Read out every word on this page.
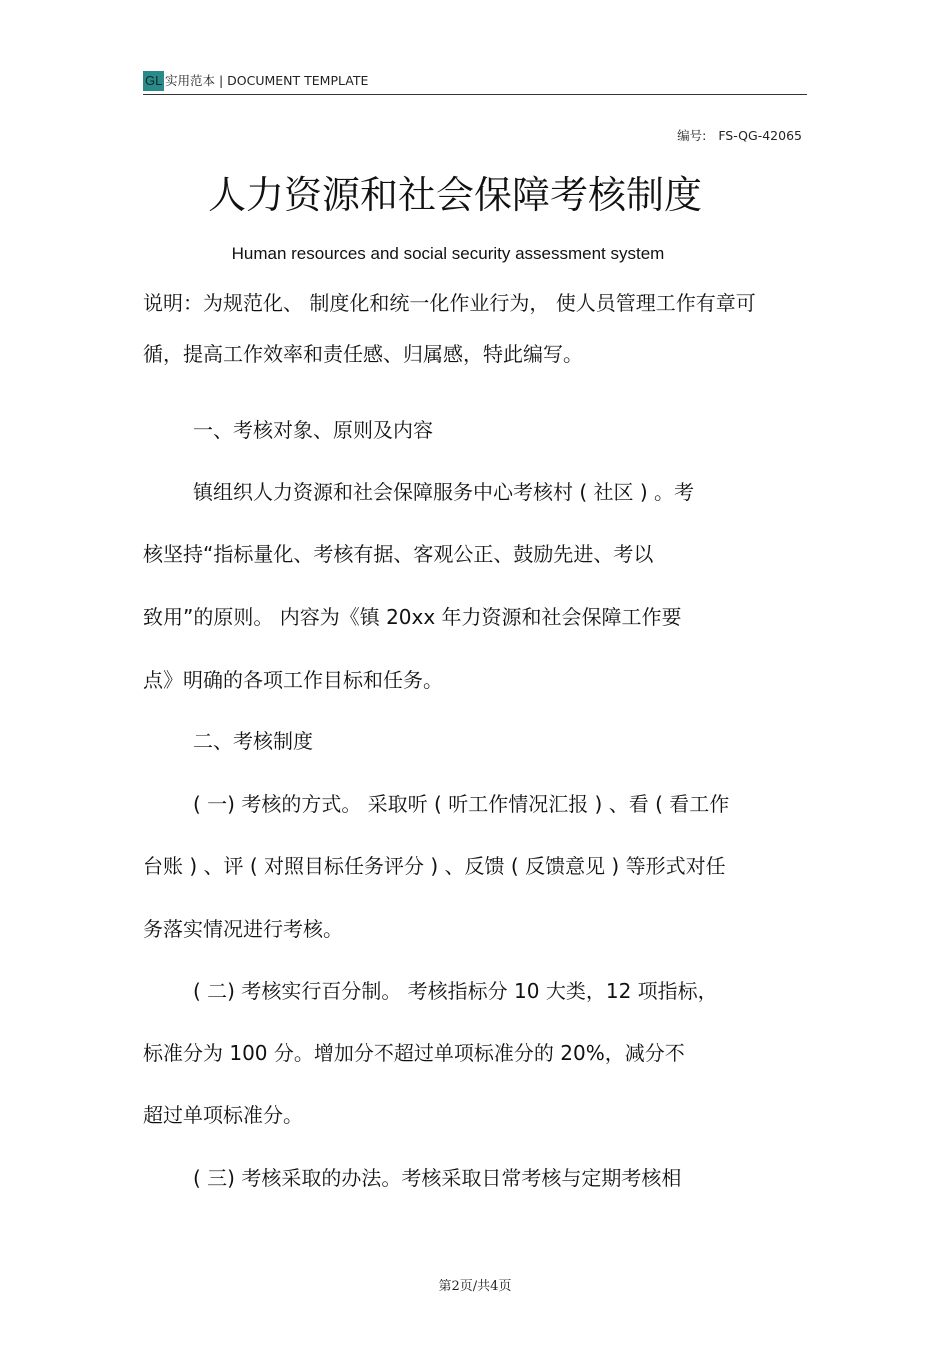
GL 实用范本 | DOCUMENT TEMPLATE
编号: FS-QG-42065
人力资源和社会保障考核制度
Human resources and social security assessment system
说明：为规范化、 制度化和统一化作业行为， 使人员管理工作有章可
循，提高工作效率和责任感、归属感，特此编写。
一、考核对象、原则及内容
镇组织人力资源和社会保障服务中心考核村 ( 社区 ) 。考
核坚持“指标量化、考核有据、客观公正、鼓励先进、考以
致用”的原则。 内容为《镇 20xx 年力资源和社会保障工作要
点》明确的各项工作目标和任务。
二、考核制度
( 一) 考核的方式。 采取听 ( 听工作情况汇报 ) 、看 ( 看工作
台账 ) 、评 ( 对照目标任务评分 ) 、反馈 ( 反馈意见 ) 等形式对任
务落实情况进行考核。
( 二) 考核实行百分制。 考核指标分 10 大类，12 项指标，
标准分为 100 分。增加分不超过单项标准分的 20%，减分不
超过单项标准分。
( 三) 考核采取的办法。考核采取日常考核与定期考核相
第2页/共4页
